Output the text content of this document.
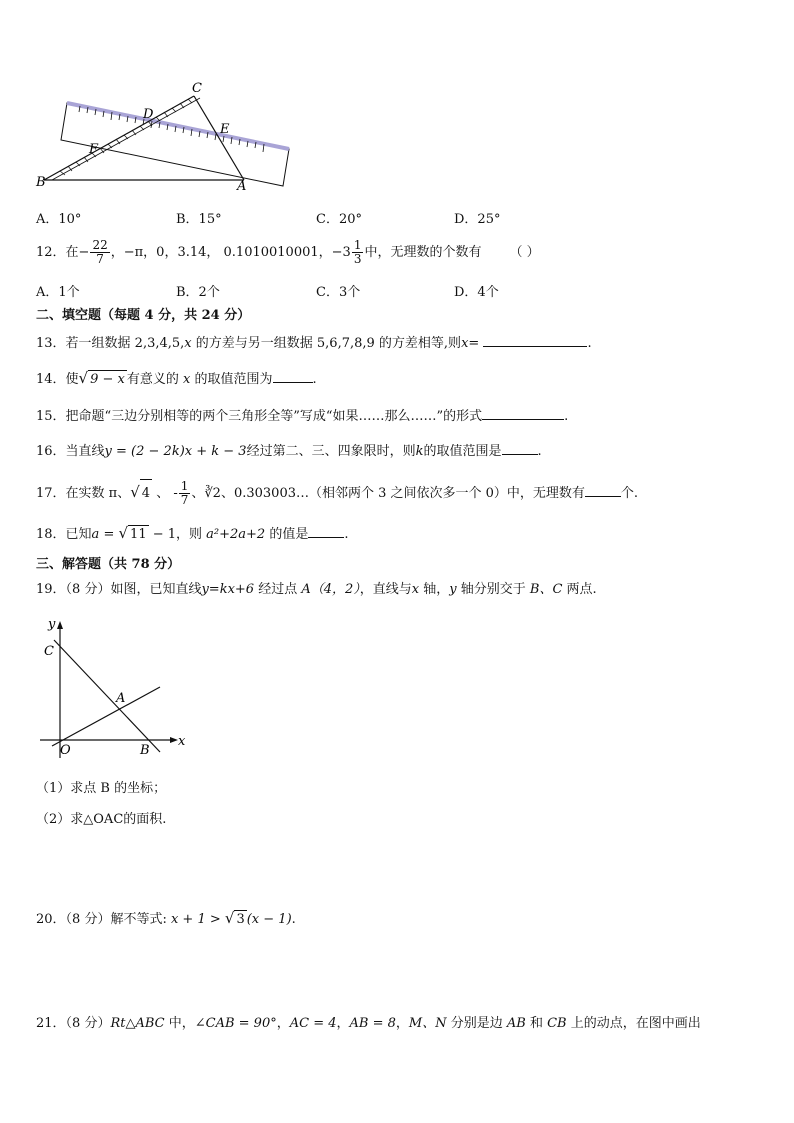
C
D
E
F
B	A
A．10°	B．15°	C．20°	D．25°
12．在− $\frac{22}{7}$ ，−π，0，3.14， 0.1010010001，$-3 \frac{1}{3}$ 中，无理数的个数有 （ ）
A．1个	B．2个	C．3个	D．4个
二、填空题（每题 4 分，共 24 分）
13．若一组数据 2,3,4,5,x 的方差与另一组数据 5,6,7,8,9 的方差相等,则x=	.
14．使√ 9 − x 有意义的 x 的取值范围为	.
15．把命题“三边分别相等的两个三角形全等”写成“如果……那么……”的形式	.
16．当直线y = (2 − 2k)x + k − 3经过第二、三、四象限时，则k的取值范围是	.
17．在实数 π、√ 4 、 - $\frac{1}{7}$ 、∛2、0.303003…（相邻两个 3 之间依次多一个 0）中，无理数有	个.
18．已知a = √ 11 − 1，则 a²+2a+2 的值是	.
三、解答题（共 78 分）
19．（8 分）如图，已知直线y=kx+6 经过点 A（4，2），直线与x 轴，y 轴分别交于 B、C 两点.
y
x
C
A
O	B
（1）求点 B 的坐标；
（2）求△OAC的面积.
20．（8 分）解不等式: x + 1 > √ 3 (x − 1).
21．（8 分）Rt△ABC 中，∠CAB = 90°，AC = 4，AB = 8，M、N 分别是边 AB 和 CB 上的动点，在图中画出
